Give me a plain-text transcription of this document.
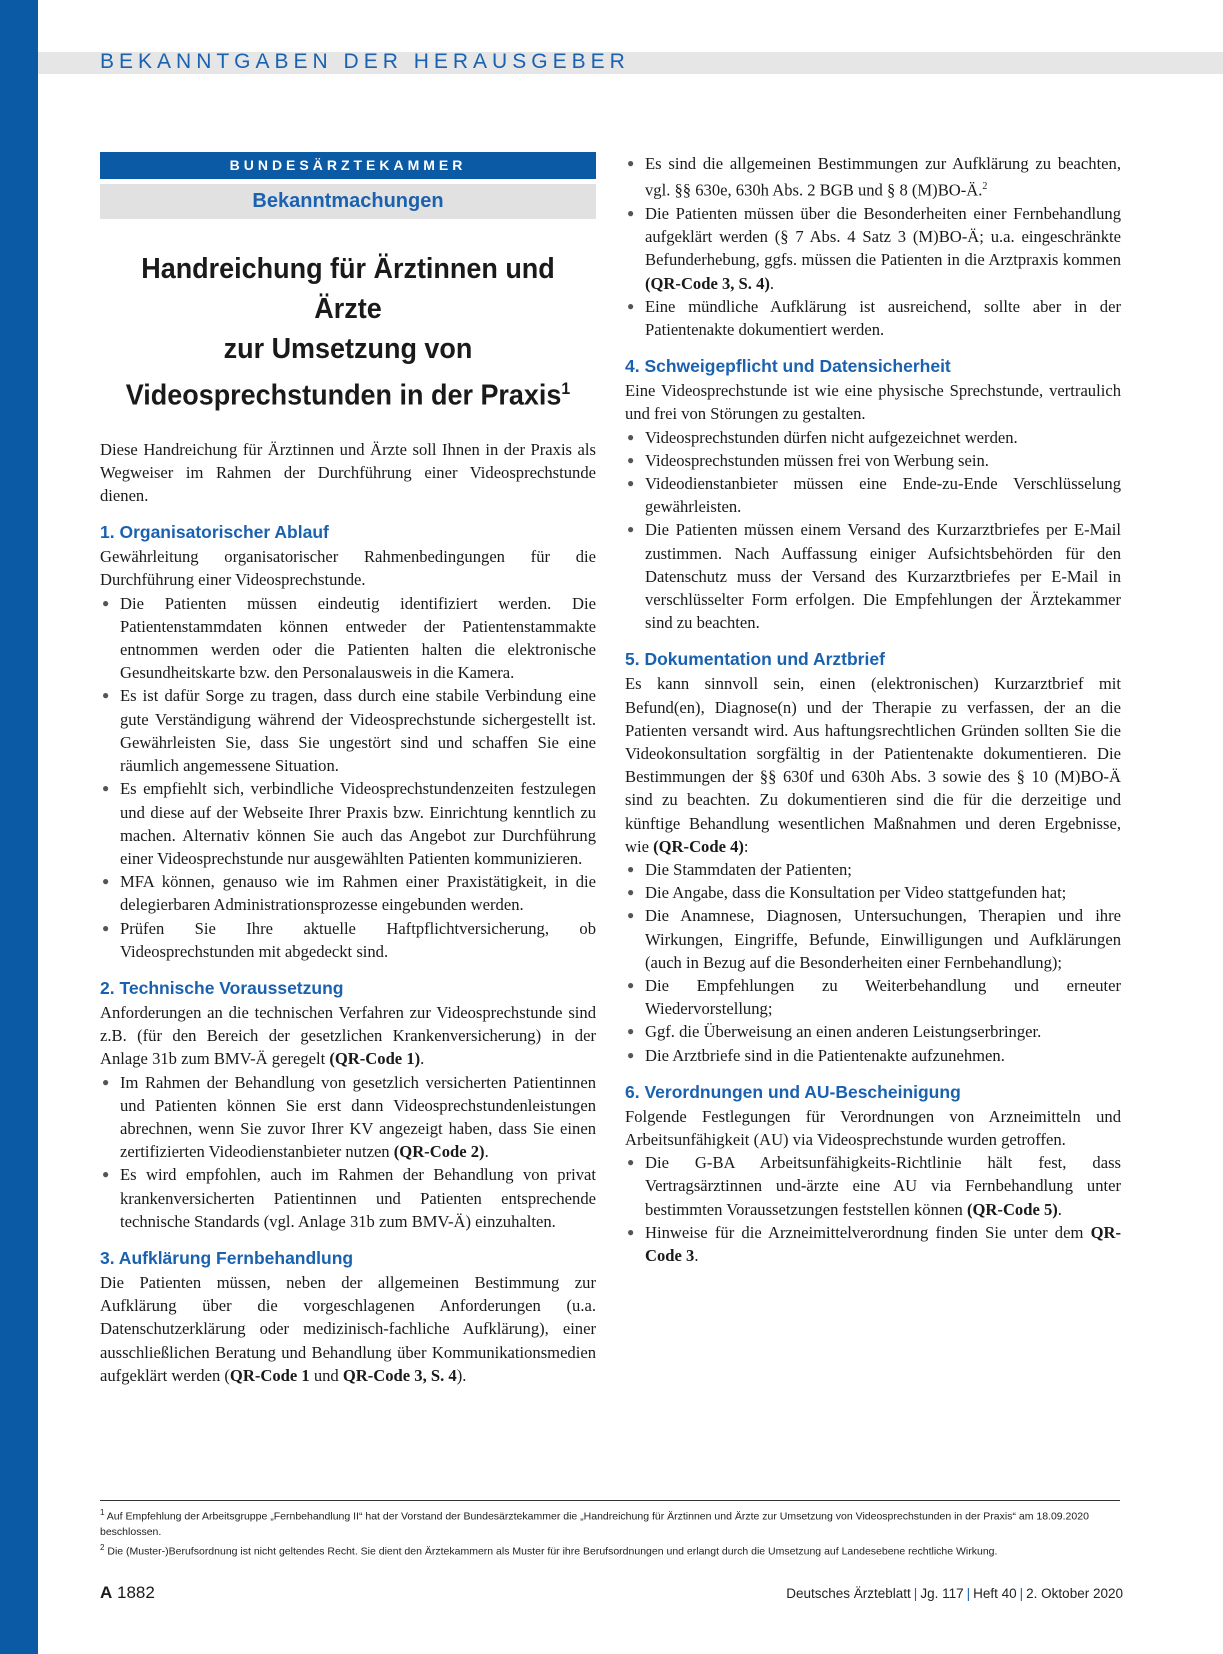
BEKANNTGABEN DER HERAUSGEBER
BUNDESÄRZTEKAMMER
Bekanntmachungen
Handreichung für Ärztinnen und Ärzte
zur Umsetzung von
Videosprechstunden in der Praxis$^1$

Diese Handreichung für Ärztinnen und Ärzte soll Ihnen in der Praxis als Wegweiser im Rahmen der Durchführung einer Videosprechstunde dienen.

1. Organisatorischer Ablauf

Gewährleitung organisatorischer Rahmenbedingungen für die Durchführung einer Videosprechstunde.

● Die Patienten müssen eindeutig identifiziert werden. Die Patientenstammdaten können entweder der Patientenstammakte entnommen werden oder die Patienten halten die elektronische Gesundheitskarte bzw. den Personalausweis in die Kamera.
● Es ist dafür Sorge zu tragen, dass durch eine stabile Verbindung eine gute Verständigung während der Videosprechstunde sichergestellt ist. Gewährleisten Sie, dass Sie ungestört sind und schaffen Sie eine räumlich angemessene Situation.
● Es empfiehlt sich, verbindliche Videosprechstundenzeiten festzulegen und diese auf der Webseite Ihrer Praxis bzw. Einrichtung kenntlich zu machen. Alternativ können Sie auch das Angebot zur Durchführung einer Videosprechstunde nur ausgewählten Patienten kommunizieren.
● MFA können, genauso wie im Rahmen einer Praxistätigkeit, in die delegierbaren Administrationsprozesse eingebunden werden.
● Prüfen Sie Ihre aktuelle Haftpflichtversicherung, ob Videosprechstunden mit abgedeckt sind.
2. Technische Voraussetzung

Anforderungen an die technischen Verfahren zur Videosprechstunde sind z.B. (für den Bereich der gesetzlichen Krankenversicherung) in der Anlage 31b zum BMV-Ä geregelt (QR-Code 1).

● Im Rahmen der Behandlung von gesetzlich versicherten Patientinnen und Patienten können Sie erst dann Videosprechstundenleistungen abrechnen, wenn Sie zuvor Ihrer KV angezeigt haben, dass Sie einen zertifizierten Videodienstanbieter nutzen (QR-Code 2).
● Es wird empfohlen, auch im Rahmen der Behandlung von privat krankenversicherten Patientinnen und Patienten entsprechende technische Standards (vgl. Anlage 31b zum BMV-Ä) einzuhalten.
3. Aufklärung Fernbehandlung

Die Patienten müssen, neben der allgemeinen Bestimmung zur Aufklärung über die vorgeschlagenen Anforderungen (u.a. Datenschutzerklärung oder medizinisch-fachliche Aufklärung), einer ausschließlichen Beratung und Behandlung über Kommunikationsmedien aufgeklärt werden (QR-Code 1 und QR-Code 3, S. 4).

● Es sind die allgemeinen Bestimmungen zur Aufklärung zu beachten, vgl. §§ 630e, 630h Abs. 2 BGB und § 8 (M)BO-Ä.$^2$
● Die Patienten müssen über die Besonderheiten einer Fernbehandlung aufgeklärt werden (§ 7 Abs. 4 Satz 3 (M)BO-Ä; u.a. eingeschränkte Befunderhebung, ggfs. müssen die Patienten in die Arztpraxis kommen (QR-Code 3, S. 4).
● Eine mündliche Aufklärung ist ausreichend, sollte aber in der Patientenakte dokumentiert werden.
4. Schweigepflicht und Datensicherheit

Eine Videosprechstunde ist wie eine physische Sprechstunde, vertraulich und frei von Störungen zu gestalten.

● Videosprechstunden dürfen nicht aufgezeichnet werden.
● Videosprechstunden müssen frei von Werbung sein.
● Videodienstanbieter müssen eine Ende-zu-Ende Verschlüsselung gewährleisten.
● Die Patienten müssen einem Versand des Kurzarztbriefes per E-Mail zustimmen. Nach Auffassung einiger Aufsichtsbehörden für den Datenschutz muss der Versand des Kurzarztbriefes per E-Mail in verschlüsselter Form erfolgen. Die Empfehlungen der Ärztekammer sind zu beachten.
5. Dokumentation und Arztbrief

Es kann sinnvoll sein, einen (elektronischen) Kurzarztbrief mit Befund(en), Diagnose(n) und der Therapie zu verfassen, der an die Patienten versandt wird. Aus haftungsrechtlichen Gründen sollten Sie die Videokonsultation sorgfältig in der Patientenakte dokumentieren. Die Bestimmungen der §§ 630f und 630h Abs. 3 sowie des § 10 (M)BO-Ä sind zu beachten. Zu dokumentieren sind die für die derzeitige und künftige Behandlung wesentlichen Maßnahmen und deren Ergebnisse, wie (QR-Code 4):

● Die Stammdaten der Patienten;
● Die Angabe, dass die Konsultation per Video stattgefunden hat;
● Die Anamnese, Diagnosen, Untersuchungen, Therapien und ihre Wirkungen, Eingriffe, Befunde, Einwilligungen und Aufklärungen (auch in Bezug auf die Besonderheiten einer Fernbehandlung);
● Die Empfehlungen zu Weiterbehandlung und erneuter Wiedervorstellung;
● Ggf. die Überweisung an einen anderen Leistungserbringer.
● Die Arztbriefe sind in die Patientenakte aufzunehmen.
6. Verordnungen und AU-Bescheinigung

Folgende Festlegungen für Verordnungen von Arzneimitteln und Arbeitsunfähigkeit (AU) via Videosprechstunde wurden getroffen.

● Die G-BA Arbeitsunfähigkeits-Richtlinie hält fest, dass Vertragsärztinnen und-ärzte eine AU via Fernbehandlung unter bestimmten Voraussetzungen feststellen können (QR-Code 5).
● Hinweise für die Arzneimittelverordnung finden Sie unter dem QR-Code 3.
$^1$ Auf Empfehlung der Arbeitsgruppe „Fernbehandlung II“ hat der Vorstand der Bundesärztekammer die „Handreichung für Ärztinnen und Ärzte zur Umsetzung von Videosprechstunden in der Praxis“ am 18.09.2020 beschlossen.
$^2$ Die (Muster-)Berufsordnung ist nicht geltendes Recht. Sie dient den Ärztekammern als Muster für ihre Berufsordnungen und erlangt durch die Umsetzung auf Landesebene rechtliche Wirkung.
A 1882	Deutsches Ärzteblatt | Jg. 117 | Heft 40 | 2. Oktober 2020
